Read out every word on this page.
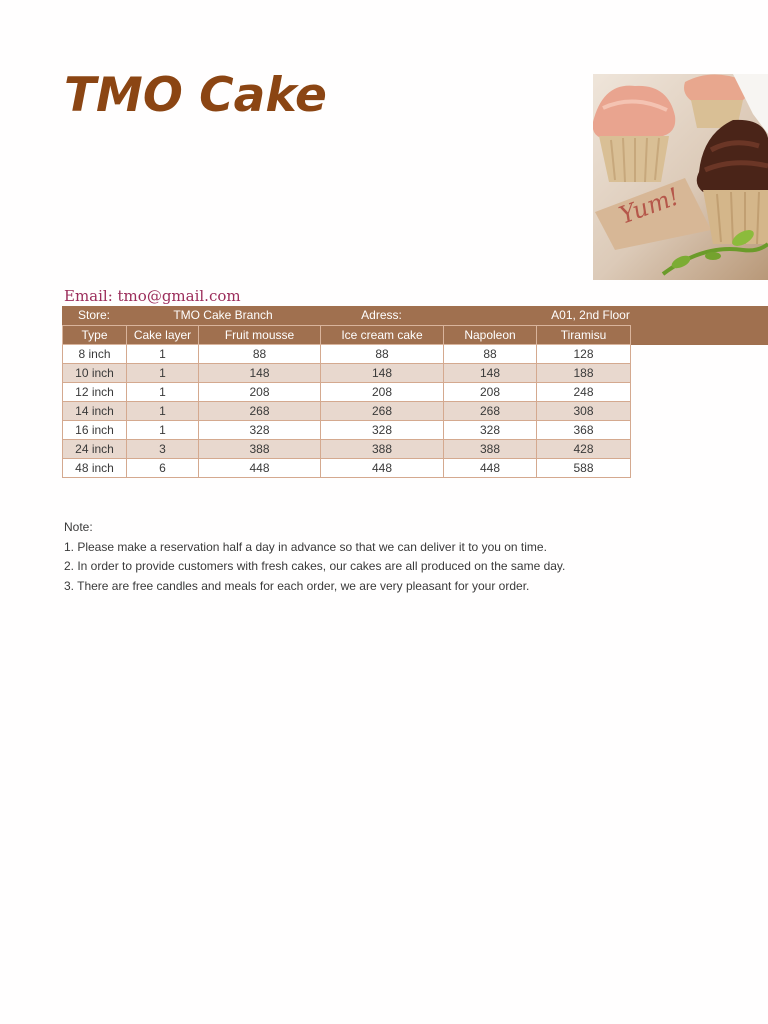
TMO Cake
Yum!
Email: tmo@gmail.com
Store:	TMO Cake Branch	Adress:	A01, 2nd Floor
Type	Cake layer	Fruit mousse	Ice cream cake	Napoleon	Tiramisu
8 inch	1	88	88	88	128
10 inch	1	148	148	148	188
12 inch	1	208	208	208	248
14 inch	1	268	268	268	308
16 inch	1	328	328	328	368
24 inch	3	388	388	388	428
48 inch	6	448	448	448	588
Note:
1. Please make a reservation half a day in advance so that we can deliver it to you on time.
2. In order to provide customers with fresh cakes, our cakes are all produced on the same day.
3. There are free candles and meals for each order, we are very pleasant for your order.
